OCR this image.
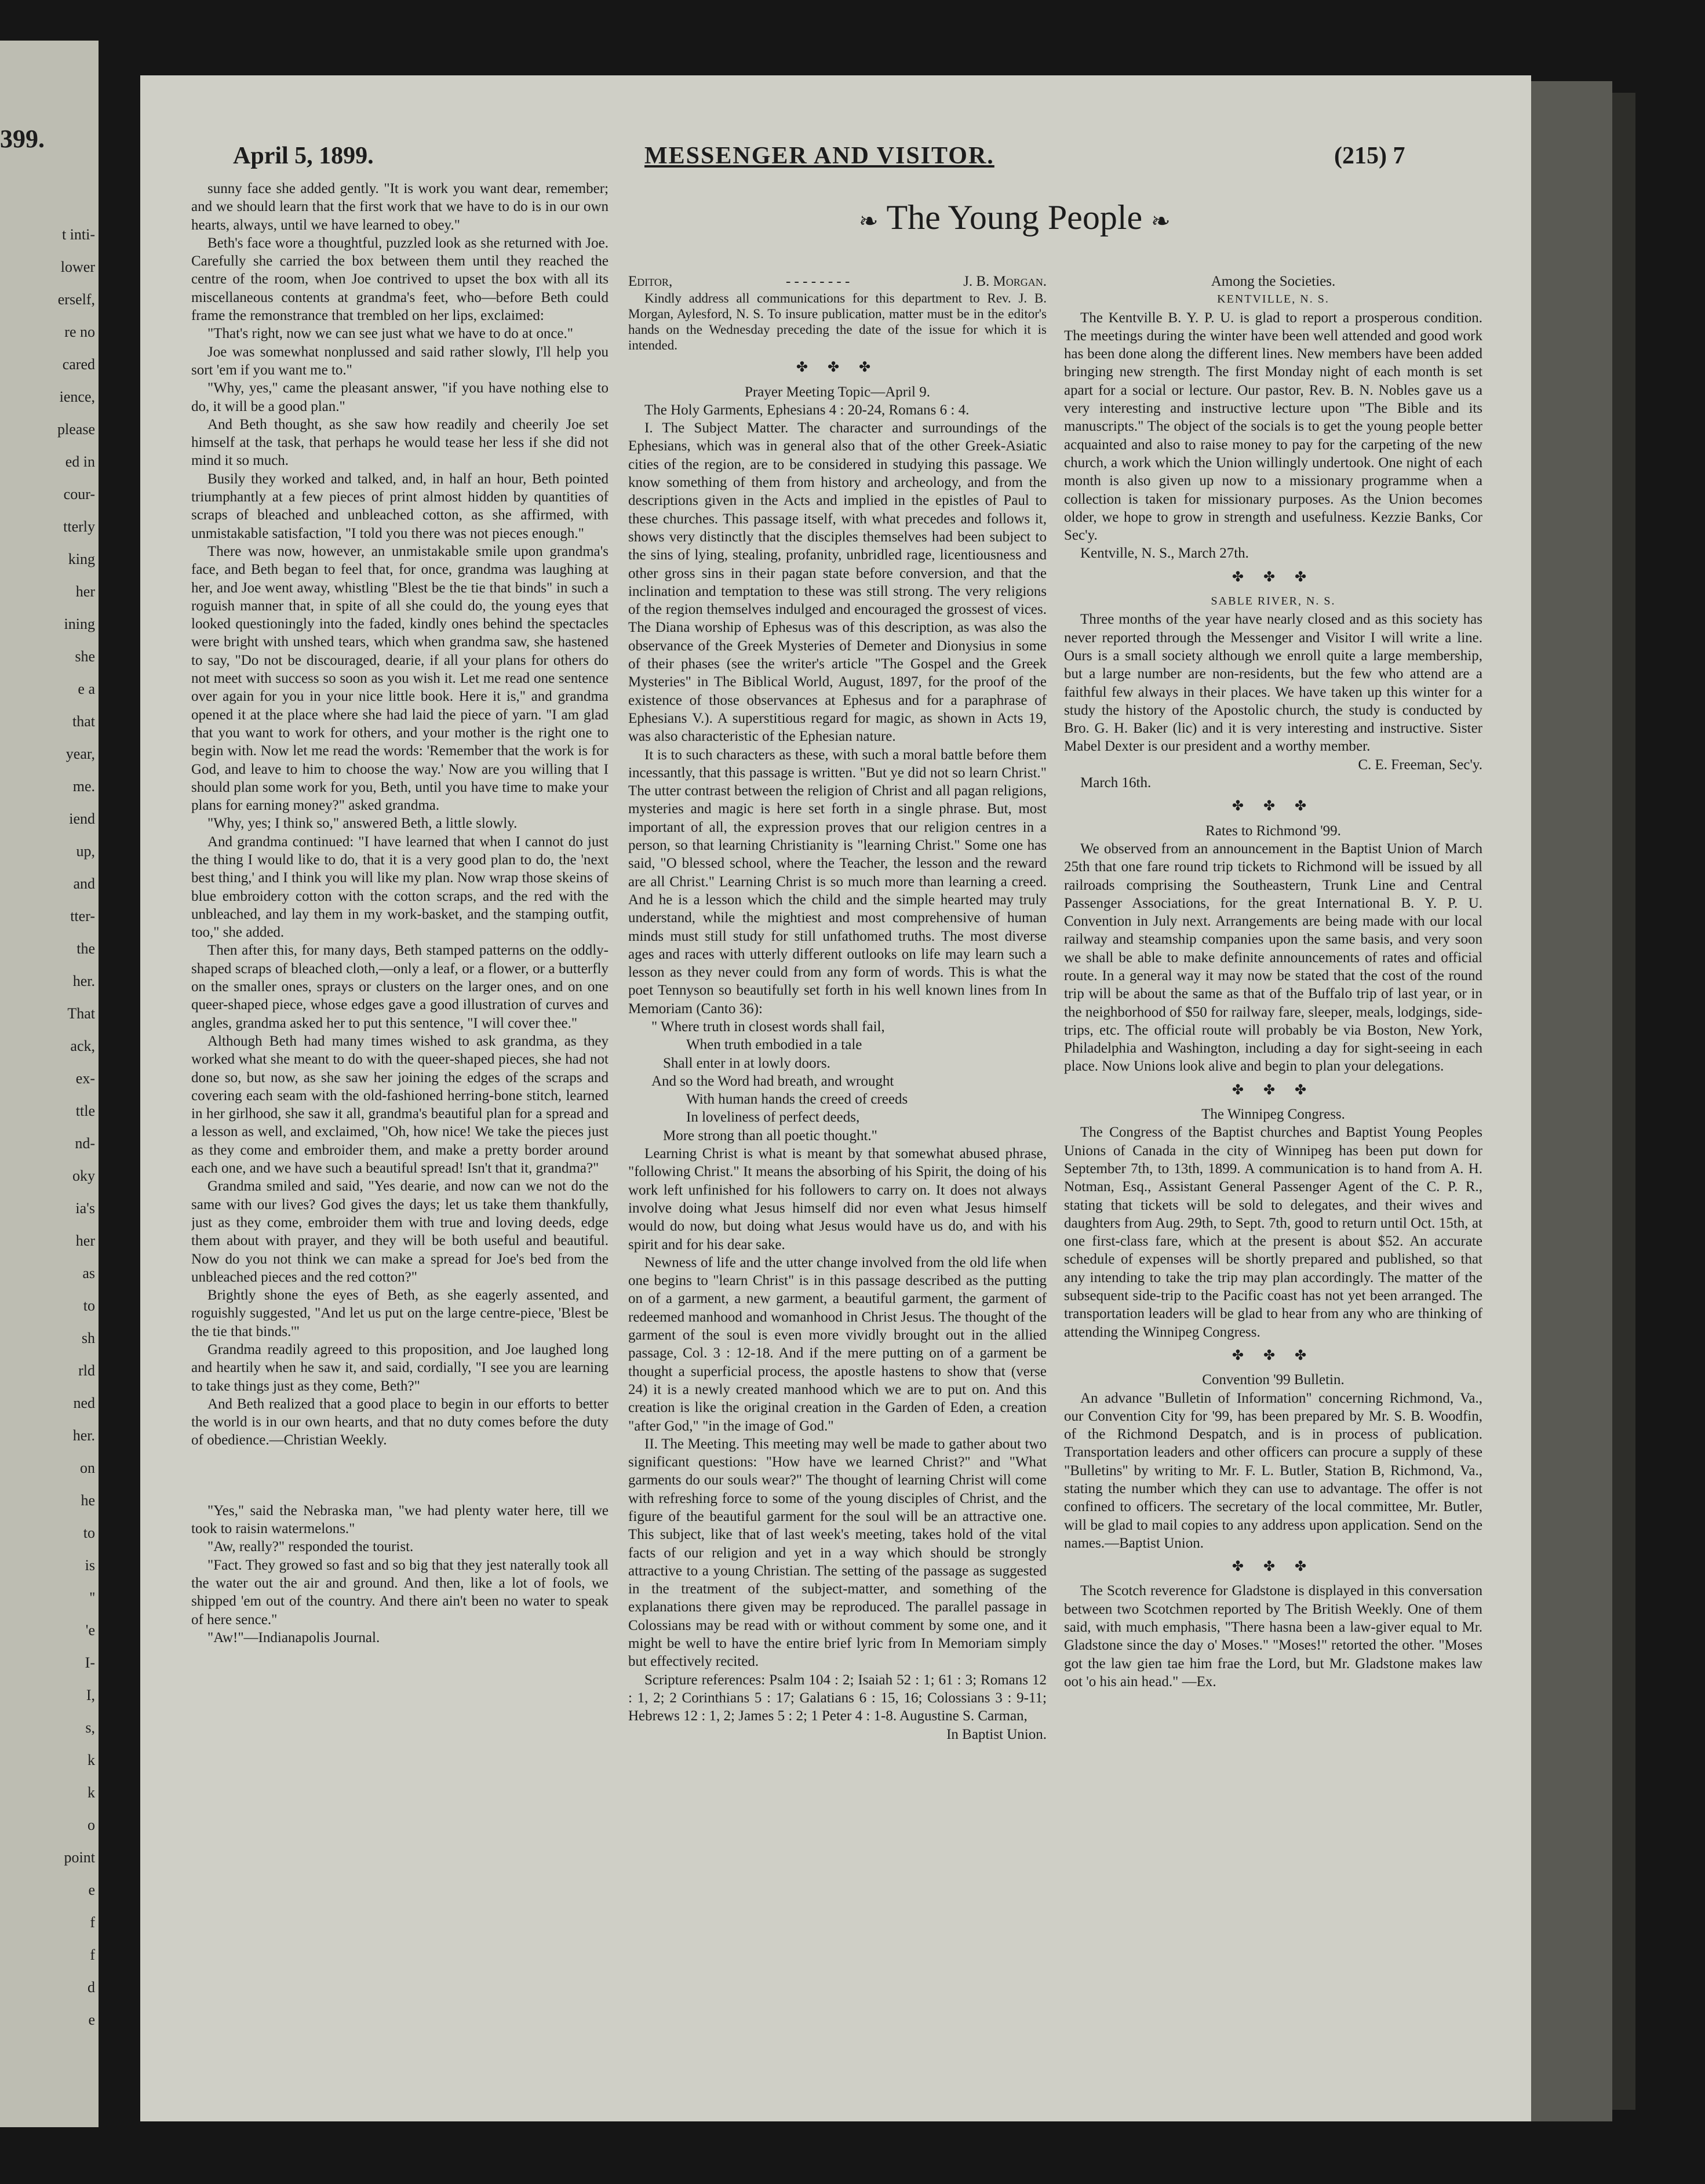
399.
t inti-
lower
erself,
re no
cared
ience,
please
ed in
cour-
tterly
king
her
ining
she
e a
that
year,
me.
iend
up,
and
tter-
the
her.
That
ack,
ex-
ttle
nd-
oky
ia's
her
as
to
sh
rld
ned
her.
on
he
to
is
''
'e
I-
I,
s,
k
k
o
point
e
f
f
d
e
April 5, 1899.	MESSENGER AND VISITOR.	(215) 7
❧ The Young People ❧

sunny face she added gently. "It is work you want dear, remember; and we should learn that the first work that we have to do is in our own hearts, always, until we have learned to obey."

Beth's face wore a thoughtful, puzzled look as she returned with Joe. Carefully she carried the box between them until they reached the centre of the room, when Joe contrived to upset the box with all its miscellaneous contents at grandma's feet, who—before Beth could frame the remonstrance that trembled on her lips, exclaimed:

"That's right, now we can see just what we have to do at once."

Joe was somewhat nonplussed and said rather slowly, I'll help you sort 'em if you want me to."

"Why, yes," came the pleasant answer, "if you have nothing else to do, it will be a good plan."

And Beth thought, as she saw how readily and cheerily Joe set himself at the task, that perhaps he would tease her less if she did not mind it so much.

Busily they worked and talked, and, in half an hour, Beth pointed triumphantly at a few pieces of print almost hidden by quantities of scraps of bleached and unbleached cotton, as she affirmed, with unmistakable satisfaction, "I told you there was not pieces enough."

There was now, however, an unmistakable smile upon grandma's face, and Beth began to feel that, for once, grandma was laughing at her, and Joe went away, whistling "Blest be the tie that binds" in such a roguish manner that, in spite of all she could do, the young eyes that looked questioningly into the faded, kindly ones behind the spectacles were bright with unshed tears, which when grandma saw, she hastened to say, "Do not be discouraged, dearie, if all your plans for others do not meet with success so soon as you wish it. Let me read one sentence over again for you in your nice little book. Here it is," and grandma opened it at the place where she had laid the piece of yarn. "I am glad that you want to work for others, and your mother is the right one to begin with. Now let me read the words: 'Remember that the work is for God, and leave to him to choose the way.' Now are you willing that I should plan some work for you, Beth, until you have time to make your plans for earning money?" asked grandma.

"Why, yes; I think so," answered Beth, a little slowly.

And grandma continued: "I have learned that when I cannot do just the thing I would like to do, that it is a very good plan to do, the 'next best thing,' and I think you will like my plan. Now wrap those skeins of blue embroidery cotton with the cotton scraps, and the red with the unbleached, and lay them in my work-basket, and the stamping outfit, too," she added.

Then after this, for many days, Beth stamped patterns on the oddly-shaped scraps of bleached cloth,—only a leaf, or a flower, or a butterfly on the smaller ones, sprays or clusters on the larger ones, and on one queer-shaped piece, whose edges gave a good illustration of curves and angles, grandma asked her to put this sentence, "I will cover thee."

Although Beth had many times wished to ask grandma, as they worked what she meant to do with the queer-shaped pieces, she had not done so, but now, as she saw her joining the edges of the scraps and covering each seam with the old-fashioned herring-bone stitch, learned in her girlhood, she saw it all, grandma's beautiful plan for a spread and a lesson as well, and exclaimed, "Oh, how nice! We take the pieces just as they come and embroider them, and make a pretty border around each one, and we have such a beautiful spread! Isn't that it, grandma?"

Grandma smiled and said, "Yes dearie, and now can we not do the same with our lives? God gives the days; let us take them thankfully, just as they come, embroider them with true and loving deeds, edge them about with prayer, and they will be both useful and beautiful. Now do you not think we can make a spread for Joe's bed from the unbleached pieces and the red cotton?"

Brightly shone the eyes of Beth, as she eagerly assented, and roguishly suggested, "And let us put on the large centre-piece, 'Blest be the tie that binds.'"

Grandma readily agreed to this proposition, and Joe laughed long and heartily when he saw it, and said, cordially, "I see you are learning to take things just as they come, Beth?"

And Beth realized that a good place to begin in our efforts to better the world is in our own hearts, and that no duty comes before the duty of obedience.—Christian Weekly.

"Yes," said the Nebraska man, "we had plenty water here, till we took to raisin watermelons."

"Aw, really?" responded the tourist.

"Fact. They growed so fast and so big that they jest naterally took all the water out the air and ground. And then, like a lot of fools, we shipped 'em out of the country. And there ain't been no water to speak of here sence."

"Aw!"—Indianapolis Journal.

Editor,	- - - - - - - -	J. B. Morgan.

Kindly address all communications for this department to Rev. J. B. Morgan, Aylesford, N. S. To insure publication, matter must be in the editor's hands on the Wednesday preceding the date of the issue for which it is intended.

✤ ✤ ✤

Prayer Meeting Topic—April 9.

The Holy Garments, Ephesians 4 : 20-24, Romans 6 : 4.

I. The Subject Matter. The character and surroundings of the Ephesians, which was in general also that of the other Greek-Asiatic cities of the region, are to be considered in studying this passage. We know something of them from history and archeology, and from the descriptions given in the Acts and implied in the epistles of Paul to these churches. This passage itself, with what precedes and follows it, shows very distinctly that the disciples themselves had been subject to the sins of lying, stealing, profanity, unbridled rage, licentiousness and other gross sins in their pagan state before conversion, and that the inclination and temptation to these was still strong. The very religions of the region themselves indulged and encouraged the grossest of vices. The Diana worship of Ephesus was of this description, as was also the observance of the Greek Mysteries of Demeter and Dionysius in some of their phases (see the writer's article "The Gospel and the Greek Mysteries" in The Biblical World, August, 1897, for the proof of the existence of those observances at Ephesus and for a paraphrase of Ephesians V.). A superstitious regard for magic, as shown in Acts 19, was also characteristic of the Ephesian nature.

It is to such characters as these, with such a moral battle before them incessantly, that this passage is written. "But ye did not so learn Christ." The utter contrast between the religion of Christ and all pagan religions, mysteries and magic is here set forth in a single phrase. But, most important of all, the expression proves that our religion centres in a person, so that learning Christianity is "learning Christ." Some one has said, "O blessed school, where the Teacher, the lesson and the reward are all Christ." Learning Christ is so much more than learning a creed. And he is a lesson which the child and the simple hearted may truly understand, while the mightiest and most comprehensive of human minds must still study for still unfathomed truths. The most diverse ages and races with utterly different outlooks on life may learn such a lesson as they never could from any form of words. This is what the poet Tennyson so beautifully set forth in his well known lines from In Memoriam (Canto 36):

" Where truth in closest words shall fail,

When truth embodied in a tale

Shall enter in at lowly doors.

And so the Word had breath, and wrought

With human hands the creed of creeds

In loveliness of perfect deeds,

More strong than all poetic thought."

Learning Christ is what is meant by that somewhat abused phrase, "following Christ." It means the absorbing of his Spirit, the doing of his work left unfinished for his followers to carry on. It does not always involve doing what Jesus himself did nor even what Jesus himself would do now, but doing what Jesus would have us do, and with his spirit and for his dear sake.

Newness of life and the utter change involved from the old life when one begins to "learn Christ" is in this passage described as the putting on of a garment, a new garment, a beautiful garment, the garment of redeemed manhood and womanhood in Christ Jesus. The thought of the garment of the soul is even more vividly brought out in the allied passage, Col. 3 : 12-18. And if the mere putting on of a garment be thought a superficial process, the apostle hastens to show that (verse 24) it is a newly created manhood which we are to put on. And this creation is like the original creation in the Garden of Eden, a creation "after God," "in the image of God."

II. The Meeting. This meeting may well be made to gather about two significant questions: "How have we learned Christ?" and "What garments do our souls wear?" The thought of learning Christ will come with refreshing force to some of the young disciples of Christ, and the figure of the beautiful garment for the soul will be an attractive one. This subject, like that of last week's meeting, takes hold of the vital facts of our religion and yet in a way which should be strongly attractive to a young Christian. The setting of the passage as suggested in the treatment of the subject-matter, and something of the explanations there given may be reproduced. The parallel passage in Colossians may be read with or without comment by some one, and it might be well to have the entire brief lyric from In Memoriam simply but effectively recited.

Scripture references: Psalm 104 : 2; Isaiah 52 : 1; 61 : 3; Romans 12 : 1, 2; 2 Corinthians 5 : 17; Galatians 6 : 15, 16; Colossians 3 : 9-11; Hebrews 12 : 1, 2; James 5 : 2; 1 Peter 4 : 1-8. Augustine S. Carman,

In Baptist Union.

Among the Societies.

KENTVILLE, N. S.

The Kentville B. Y. P. U. is glad to report a prosperous condition. The meetings during the winter have been well attended and good work has been done along the different lines. New members have been added bringing new strength. The first Monday night of each month is set apart for a social or lecture. Our pastor, Rev. B. N. Nobles gave us a very interesting and instructive lecture upon "The Bible and its manuscripts." The object of the socials is to get the young people better acquainted and also to raise money to pay for the carpeting of the new church, a work which the Union willingly undertook. One night of each month is also given up now to a missionary programme when a collection is taken for missionary purposes. As the Union becomes older, we hope to grow in strength and usefulness. Kezzie Banks, Cor Sec'y.

Kentville, N. S., March 27th.

✤ ✤ ✤

SABLE RIVER, N. S.

Three months of the year have nearly closed and as this society has never reported through the Messenger and Visitor I will write a line. Ours is a small society although we enroll quite a large membership, but a large number are non-residents, but the few who attend are a faithful few always in their places. We have taken up this winter for a study the history of the Apostolic church, the study is conducted by Bro. G. H. Baker (lic) and it is very interesting and instructive. Sister Mabel Dexter is our president and a worthy member.

C. E. Freeman, Sec'y.

March 16th.

✤ ✤ ✤

Rates to Richmond '99.

We observed from an announcement in the Baptist Union of March 25th that one fare round trip tickets to Richmond will be issued by all railroads comprising the Southeastern, Trunk Line and Central Passenger Associations, for the great International B. Y. P. U. Convention in July next. Arrangements are being made with our local railway and steamship companies upon the same basis, and very soon we shall be able to make definite announcements of rates and official route. In a general way it may now be stated that the cost of the round trip will be about the same as that of the Buffalo trip of last year, or in the neighborhood of $50 for railway fare, sleeper, meals, lodgings, side-trips, etc. The official route will probably be via Boston, New York, Philadelphia and Washington, including a day for sight-seeing in each place. Now Unions look alive and begin to plan your delegations.

✤ ✤ ✤

The Winnipeg Congress.

The Congress of the Baptist churches and Baptist Young Peoples Unions of Canada in the city of Winnipeg has been put down for September 7th, to 13th, 1899. A communication is to hand from A. H. Notman, Esq., Assistant General Passenger Agent of the C. P. R., stating that tickets will be sold to delegates, and their wives and daughters from Aug. 29th, to Sept. 7th, good to return until Oct. 15th, at one first-class fare, which at the present is about $52. An accurate schedule of expenses will be shortly prepared and published, so that any intending to take the trip may plan accordingly. The matter of the subsequent side-trip to the Pacific coast has not yet been arranged. The transportation leaders will be glad to hear from any who are thinking of attending the Winnipeg Congress.

✤ ✤ ✤

Convention '99 Bulletin.

An advance "Bulletin of Information" concerning Richmond, Va., our Convention City for '99, has been prepared by Mr. S. B. Woodfin, of the Richmond Despatch, and is in process of publication. Transportation leaders and other officers can procure a supply of these "Bulletins" by writing to Mr. F. L. Butler, Station B, Richmond, Va., stating the number which they can use to advantage. The offer is not confined to officers. The secretary of the local committee, Mr. Butler, will be glad to mail copies to any address upon application. Send on the names.—Baptist Union.

✤ ✤ ✤

The Scotch reverence for Gladstone is displayed in this conversation between two Scotchmen reported by The British Weekly. One of them said, with much emphasis, "There hasna been a law-giver equal to Mr. Gladstone since the day o' Moses." "Moses!" retorted the other. "Moses got the law gien tae him frae the Lord, but Mr. Gladstone makes law oot 'o his ain head." —Ex.
